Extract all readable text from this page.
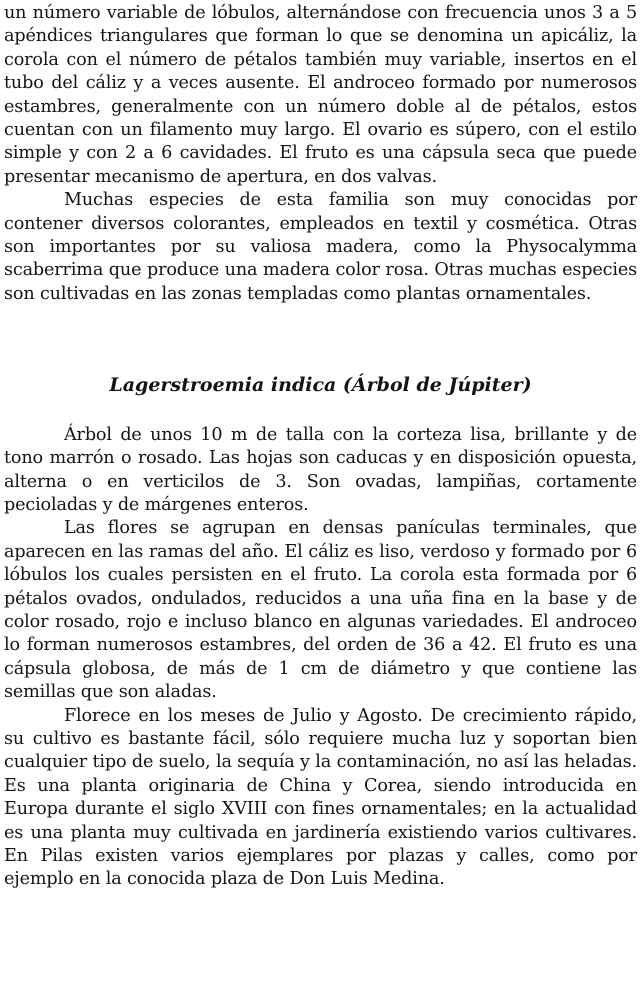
un número variable de lóbulos, alternándose con frecuencia unos 3 a 5 apéndices triangulares que forman lo que se denomina un apicáliz, la corola con el número de pétalos también muy variable, insertos en el tubo del cáliz y a veces ausente. El androceo formado por numerosos estambres, generalmente con un número doble al de pétalos, estos cuentan con un filamento muy largo. El ovario es súpero, con el estilo simple y con 2 a 6 cavidades. El fruto es una cápsula seca que puede presentar mecanismo de apertura, en dos valvas.

Muchas especies de esta familia son muy conocidas por contener diversos colorantes, empleados en textil y cosmética. Otras son importantes por su valiosa madera, como la Physocalymma scaberrima que produce una madera color rosa. Otras muchas especies son cultivadas en las zonas templadas como plantas ornamentales.

Lagerstroemia indica (Árbol de Júpiter)

Árbol de unos 10 m de talla con la corteza lisa, brillante y de tono marrón o rosado. Las hojas son caducas y en disposición opuesta, alterna o en verticilos de 3. Son ovadas, lampiñas, cortamente pecioladas y de márgenes enteros.

Las flores se agrupan en densas panículas terminales, que aparecen en las ramas del año. El cáliz es liso, verdoso y formado por 6 lóbulos los cuales persisten en el fruto. La corola esta formada por 6 pétalos ovados, ondulados, reducidos a una uña fina en la base y de color rosado, rojo e incluso blanco en algunas variedades. El androceo lo forman numerosos estambres, del orden de 36 a 42. El fruto es una cápsula globosa, de más de 1 cm de diámetro y que contiene las semillas que son aladas.

Florece en los meses de Julio y Agosto. De crecimiento rápido, su cultivo es bastante fácil, sólo requiere mucha luz y soportan bien cualquier tipo de suelo, la sequía y la contaminación, no así las heladas. Es una planta originaria de China y Corea, siendo introducida en Europa durante el siglo XVIII con fines ornamentales; en la actualidad es una planta muy cultivada en jardinería existiendo varios cultivares. En Pilas existen varios ejemplares por plazas y calles, como por ejemplo en la conocida plaza de Don Luis Medina.
